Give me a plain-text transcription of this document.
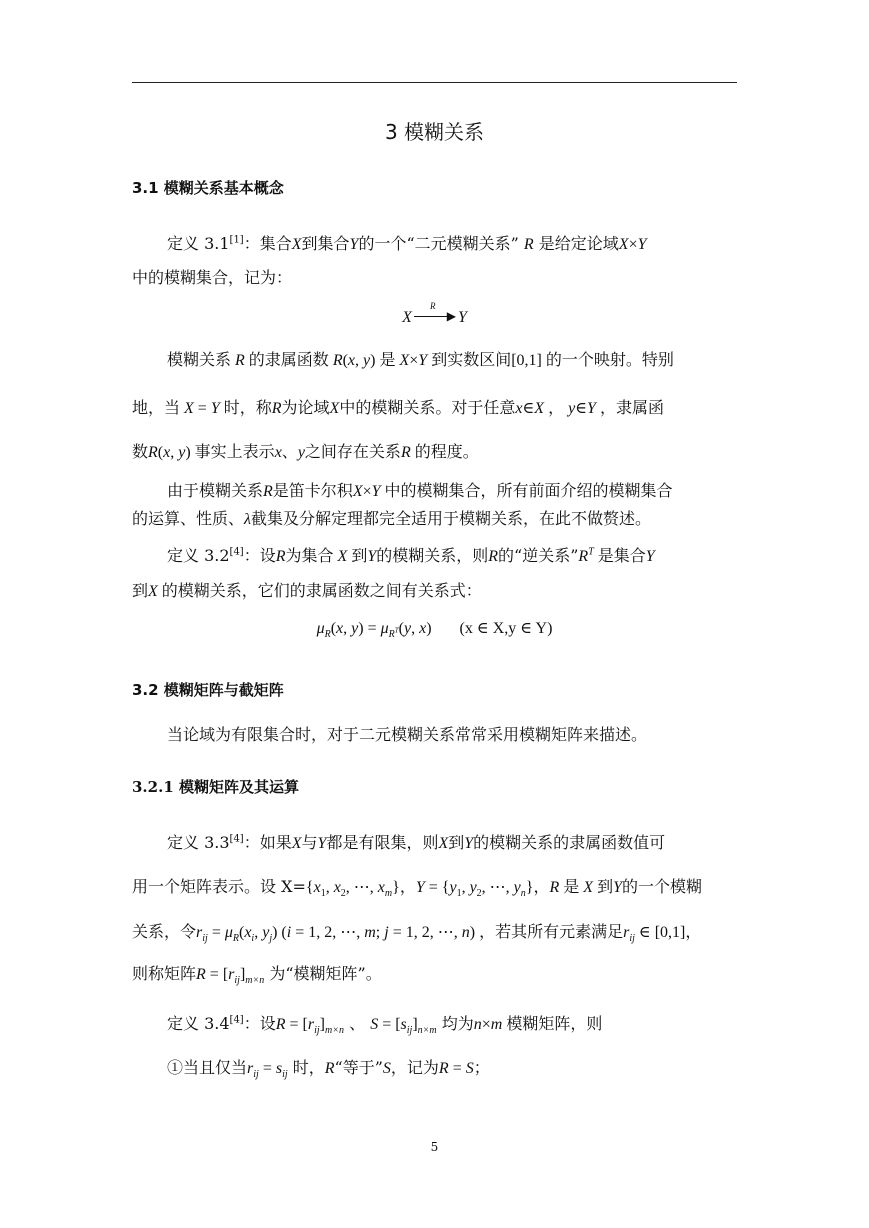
3 模糊关系
3.1 模糊关系基本概念
定义 3.1[1]：集合X到集合Y的一个“二元模糊关系” R 是给定论域X×Y
中的模糊集合，记为：
X
R
▶ Y
模糊关系 R 的隶属函数 R(x, y) 是 X×Y 到实数区间[0,1] 的一个映射。特别
地，当 X = Y 时，称R为论域X中的模糊关系。对于任意x∈X ， y∈Y ，隶属函
数R(x, y) 事实上表示x、y之间存在关系R 的程度。
由于模糊关系R是笛卡尔积X×Y 中的模糊集合，所有前面介绍的模糊集合
的运算、性质、λ截集及分解定理都完全适用于模糊关系，在此不做赘述。
定义 3.2[4]：设R为集合 X 到Y的模糊关系，则R的“逆关系$”R^T$ 是集合Y
到X 的模糊关系，它们的隶属函数之间有关系式：
$\mu_R(x$, $y) = \mu_{R^T}(y$, x)       (x ∈ X,y ∈ Y)
3.2 模糊矩阵与截矩阵
当论域为有限集合时，对于二元模糊关系常常采用模糊矩阵来描述。
3.2.1 模糊矩阵及其运算
定义 3.3[4]：如果X与Y都是有限集，则X到Y的模糊关系的隶属函数值可
用一个矩阵表示。设 $X=\{x_1$, $x_2$, ⋯, $x_m$}，$Y = \{y_1$, $y_2$, ⋯, $y_n$}，R 是 X 到Y的一个模糊
关系，令$r_{ij} = \mu_R(x_i$, $y_j$) (i = 1, 2, ⋯, m; j = 1, 2, ⋯, n) ，若其所有元素满足$r_{ij}$ ∈ [0,1]，
则称矩阵$R = [r_{ij}]_{m\times n}$ 为“模糊矩阵”。
定义 3.4[4]：设$R = [r_{ij}]_{m\times n}$ 、 $S = [s_{ij}]_{n\times m}$ 均为n×m 模糊矩阵，则
①当且仅当$r_{ij} = s_{ij}$ 时，R“等于”S，记为R = S；
5
